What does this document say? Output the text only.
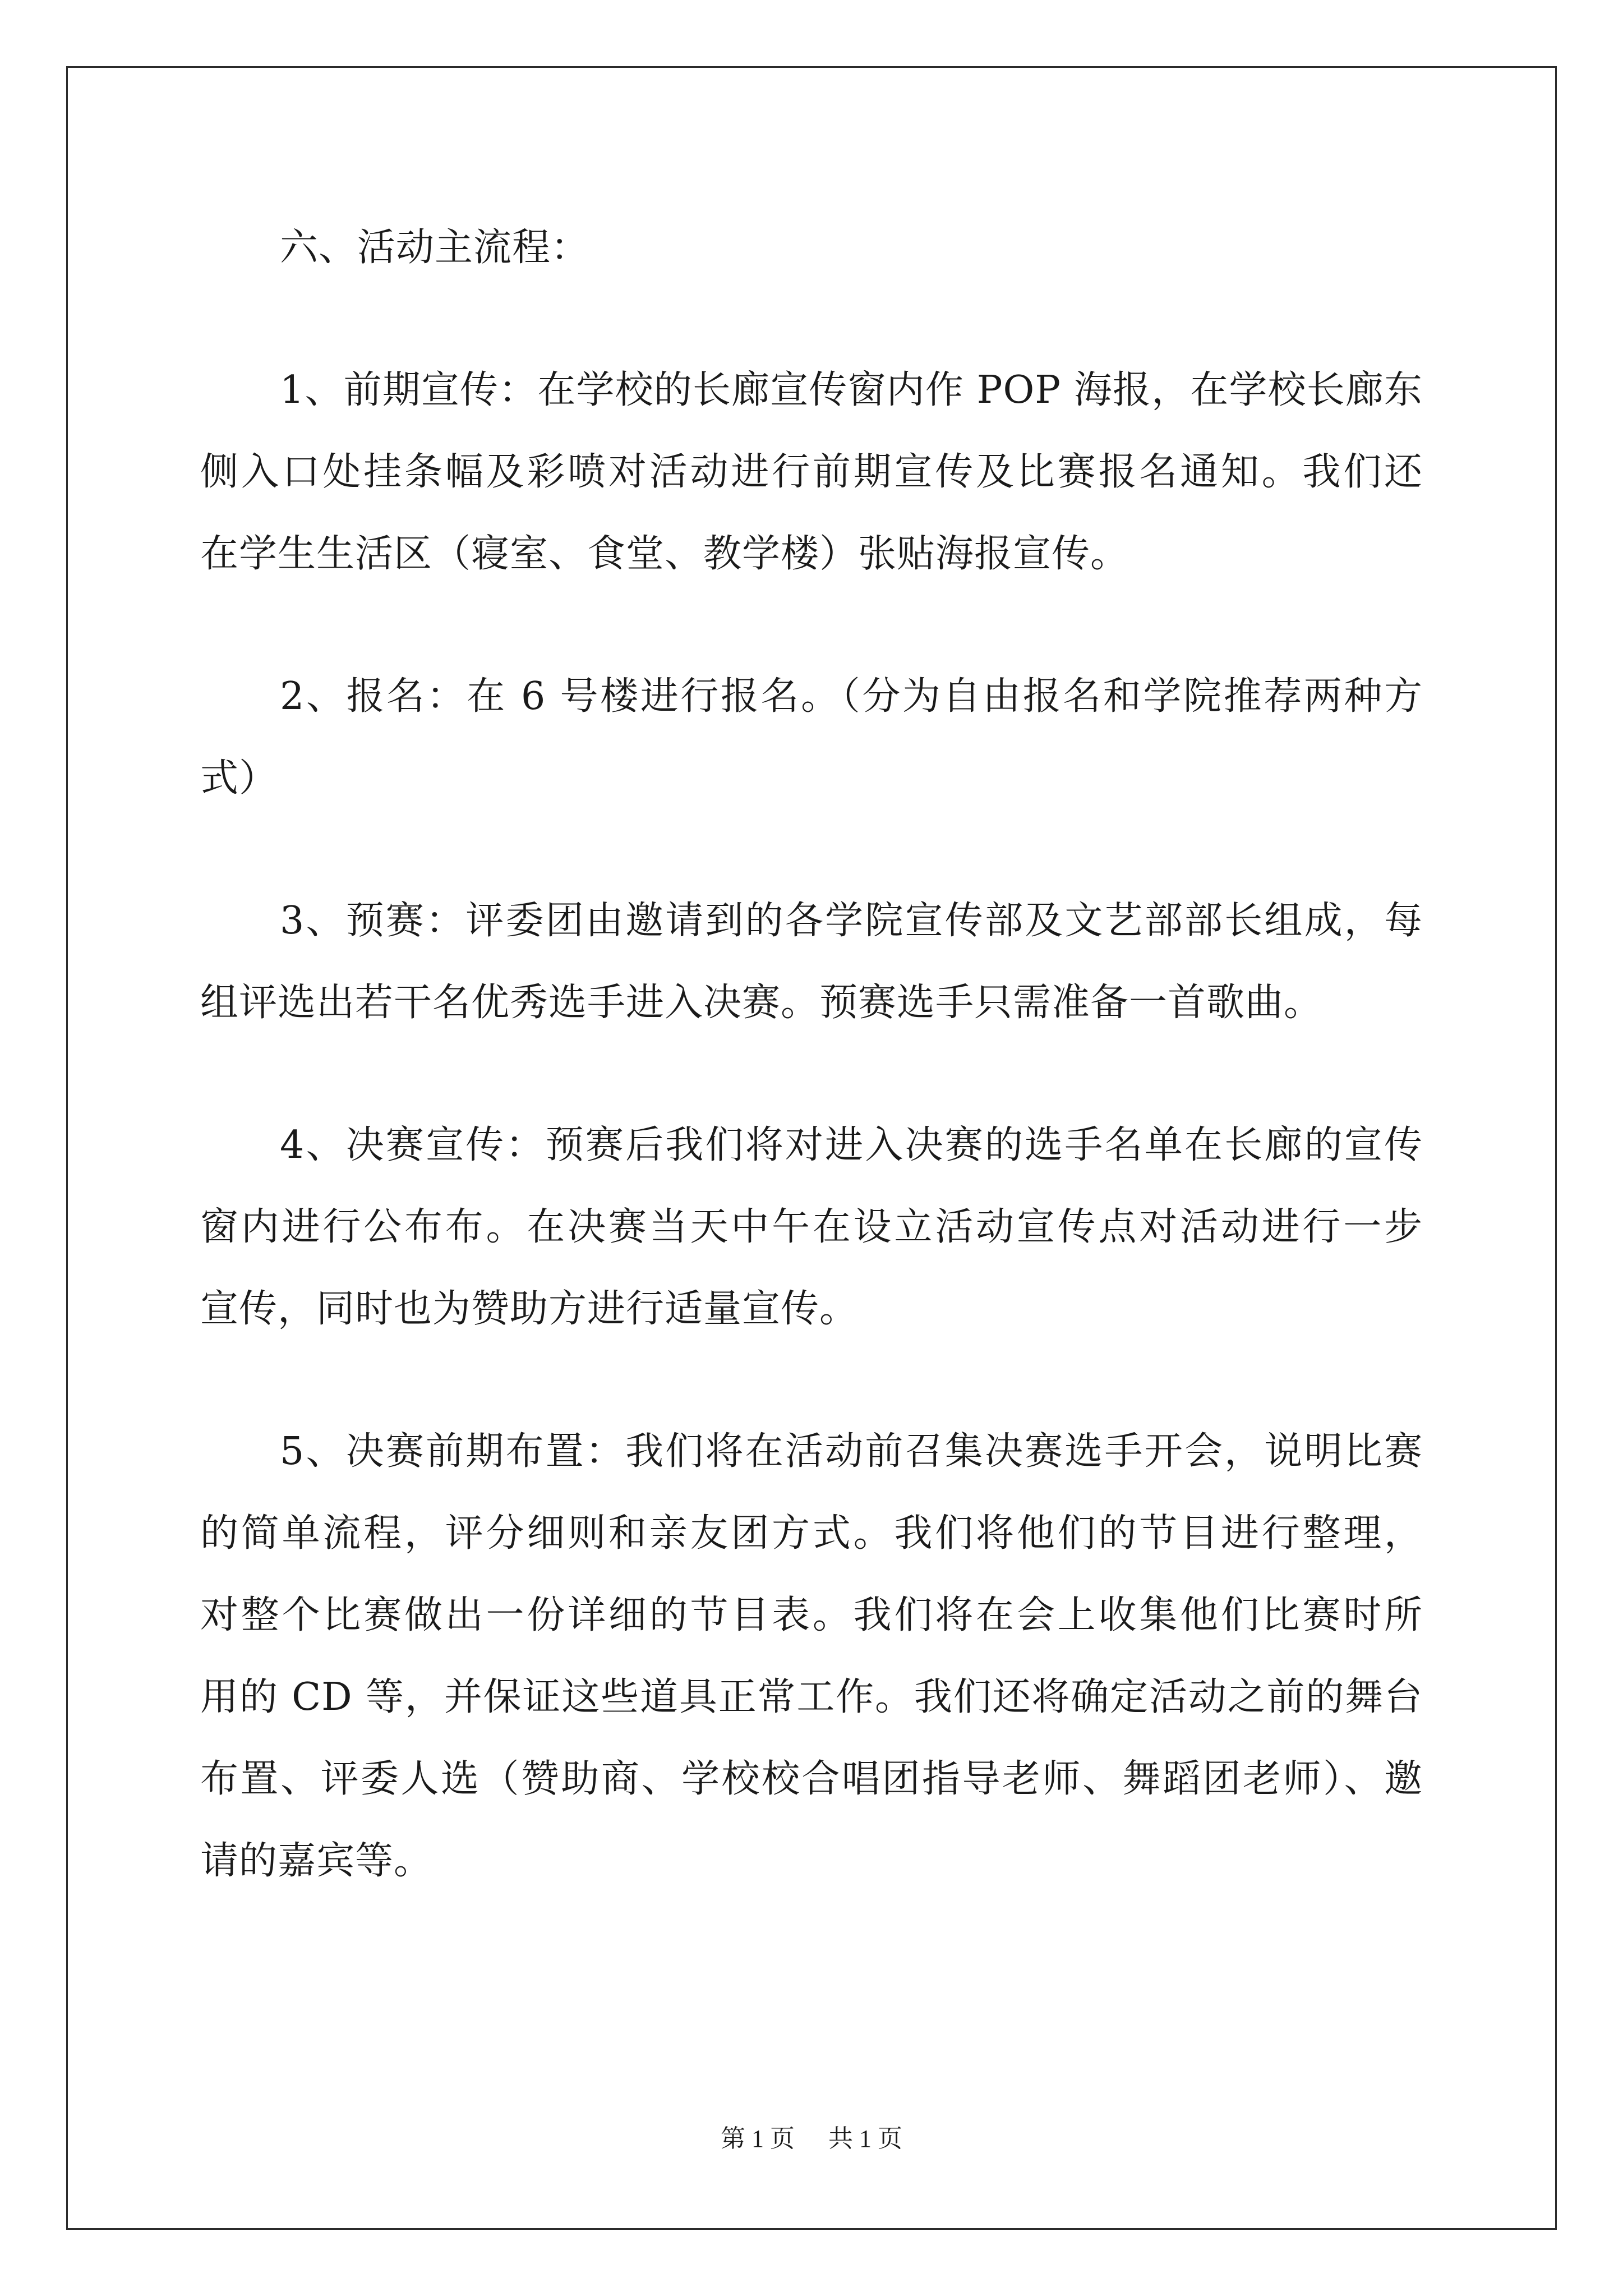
六、活动主流程：
1、前期宣传：在学校的长廊宣传窗内作 POP 海报，在学校长廊东
侧入口处挂条幅及彩喷对活动进行前期宣传及比赛报名通知。我们还
在学生生活区（寝室、食堂、教学楼）张贴海报宣传。
2、报名：在 6 号楼进行报名。（分为自由报名和学院推荐两种方
式）
3、预赛：评委团由邀请到的各学院宣传部及文艺部部长组成，每
组评选出若干名优秀选手进入决赛。预赛选手只需准备一首歌曲。
4、决赛宣传：预赛后我们将对进入决赛的选手名单在长廊的宣传
窗内进行公布布。在决赛当天中午在设立活动宣传点对活动进行一步
宣传，同时也为赞助方进行适量宣传。
5、决赛前期布置：我们将在活动前召集决赛选手开会，说明比赛
的简单流程，评分细则和亲友团方式。我们将他们的节目进行整理，
对整个比赛做出一份详细的节目表。我们将在会上收集他们比赛时所
用的 CD 等，并保证这些道具正常工作。我们还将确定活动之前的舞台
布置、评委人选（赞助商、学校校合唱团指导老师、舞蹈团老师）、邀
请的嘉宾等。
第 1 页 共 1 页
